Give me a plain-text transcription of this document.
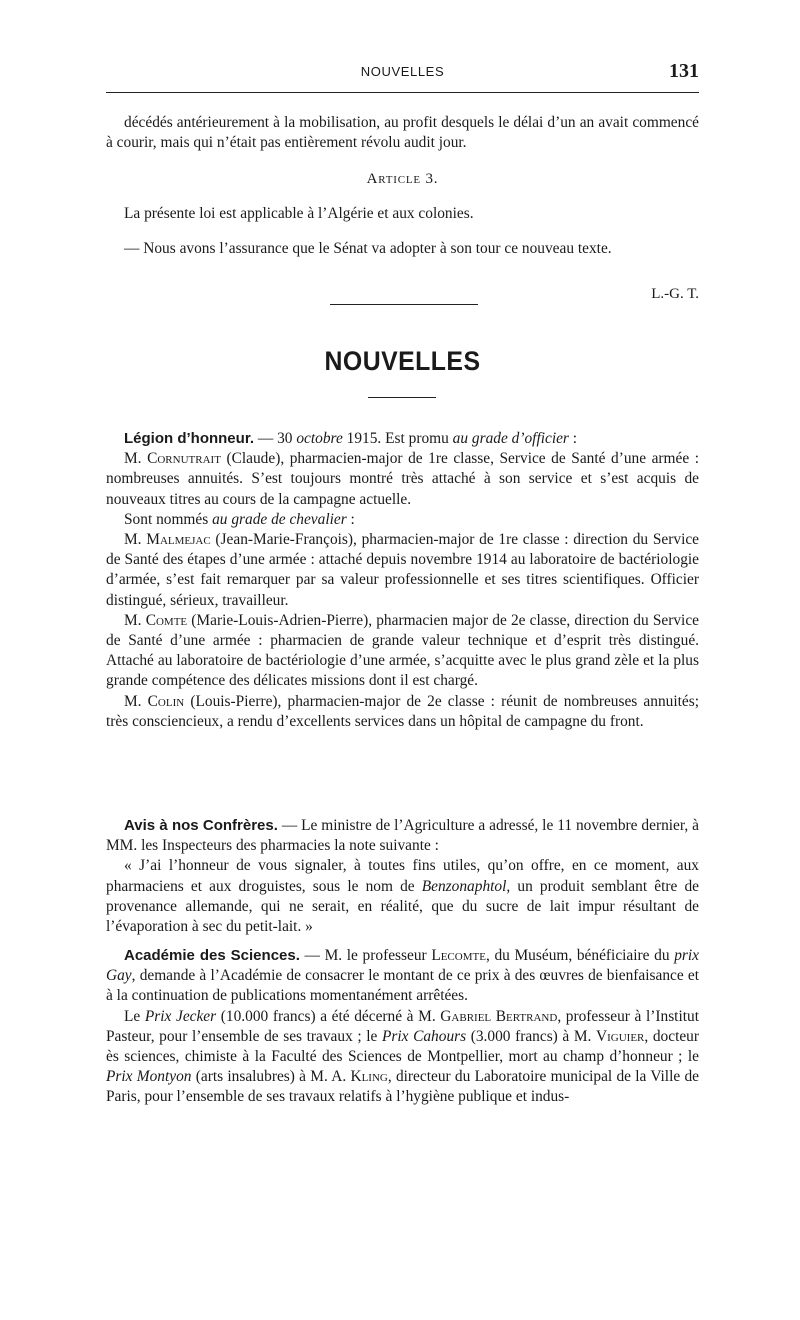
NOUVELLES	131

décédés antérieurement à la mobilisation, au profit desquels le délai d’un an avait commencé à courir, mais qui n’était pas entièrement révolu audit jour.

Article 3.

La présente loi est applicable à l’Algérie et aux colonies.

— Nous avons l’assurance que le Sénat va adopter à son tour ce nouveau texte.

L.-G. T.
NOUVELLES

Légion d’honneur. — 30 octobre 1915. Est promu au grade d’officier :

M. Cornutrait (Claude), pharmacien-major de 1re classe, Service de Santé d’une armée : nombreuses annuités. S’est toujours montré très attaché à son service et s’est acquis de nouveaux titres au cours de la campagne actuelle.

Sont nommés au grade de chevalier :

M. Malmejac (Jean-Marie-François), pharmacien-major de 1re classe : direction du Service de Santé des étapes d’une armée : attaché depuis novembre 1914 au laboratoire de bactériologie d’armée, s’est fait remarquer par sa valeur professionnelle et ses titres scientifiques. Officier distingué, sérieux, travailleur.

M. Comte (Marie-Louis-Adrien-Pierre), pharmacien major de 2e classe, direction du Service de Santé d’une armée : pharmacien de grande valeur technique et d’esprit très distingué. Attaché au laboratoire de bactériologie d’une armée, s’acquitte avec le plus grand zèle et la plus grande compétence des délicates missions dont il est chargé.

M. Colin (Louis-Pierre), pharmacien-major de 2e classe : réunit de nombreuses annuités; très consciencieux, a rendu d’excellents services dans un hôpital de campagne du front.

Avis à nos Confrères. — Le ministre de l’Agriculture a adressé, le 11 novembre dernier, à MM. les Inspecteurs des pharmacies la note suivante :

« J’ai l’honneur de vous signaler, à toutes fins utiles, qu’on offre, en ce moment, aux pharmaciens et aux droguistes, sous le nom de Benzonaphtol, un produit semblant être de provenance allemande, qui ne serait, en réalité, que du sucre de lait impur résultant de l’évaporation à sec du petit-lait. »

Académie des Sciences. — M. le professeur Lecomte, du Muséum, bénéficiaire du prix Gay, demande à l’Académie de consacrer le montant de ce prix à des œuvres de bienfaisance et à la continuation de publications momentanément arrêtées.

Le Prix Jecker (10.000 francs) a été décerné à M. Gabriel Bertrand, professeur à l’Institut Pasteur, pour l’ensemble de ses travaux ; le Prix Cahours (3.000 francs) à M. Viguier, docteur ès sciences, chimiste à la Faculté des Sciences de Montpellier, mort au champ d’honneur ; le Prix Montyon (arts insalubres) à M. A. Kling, directeur du Laboratoire municipal de la Ville de Paris, pour l’ensemble de ses travaux relatifs à l’hygiène publique et indus-
